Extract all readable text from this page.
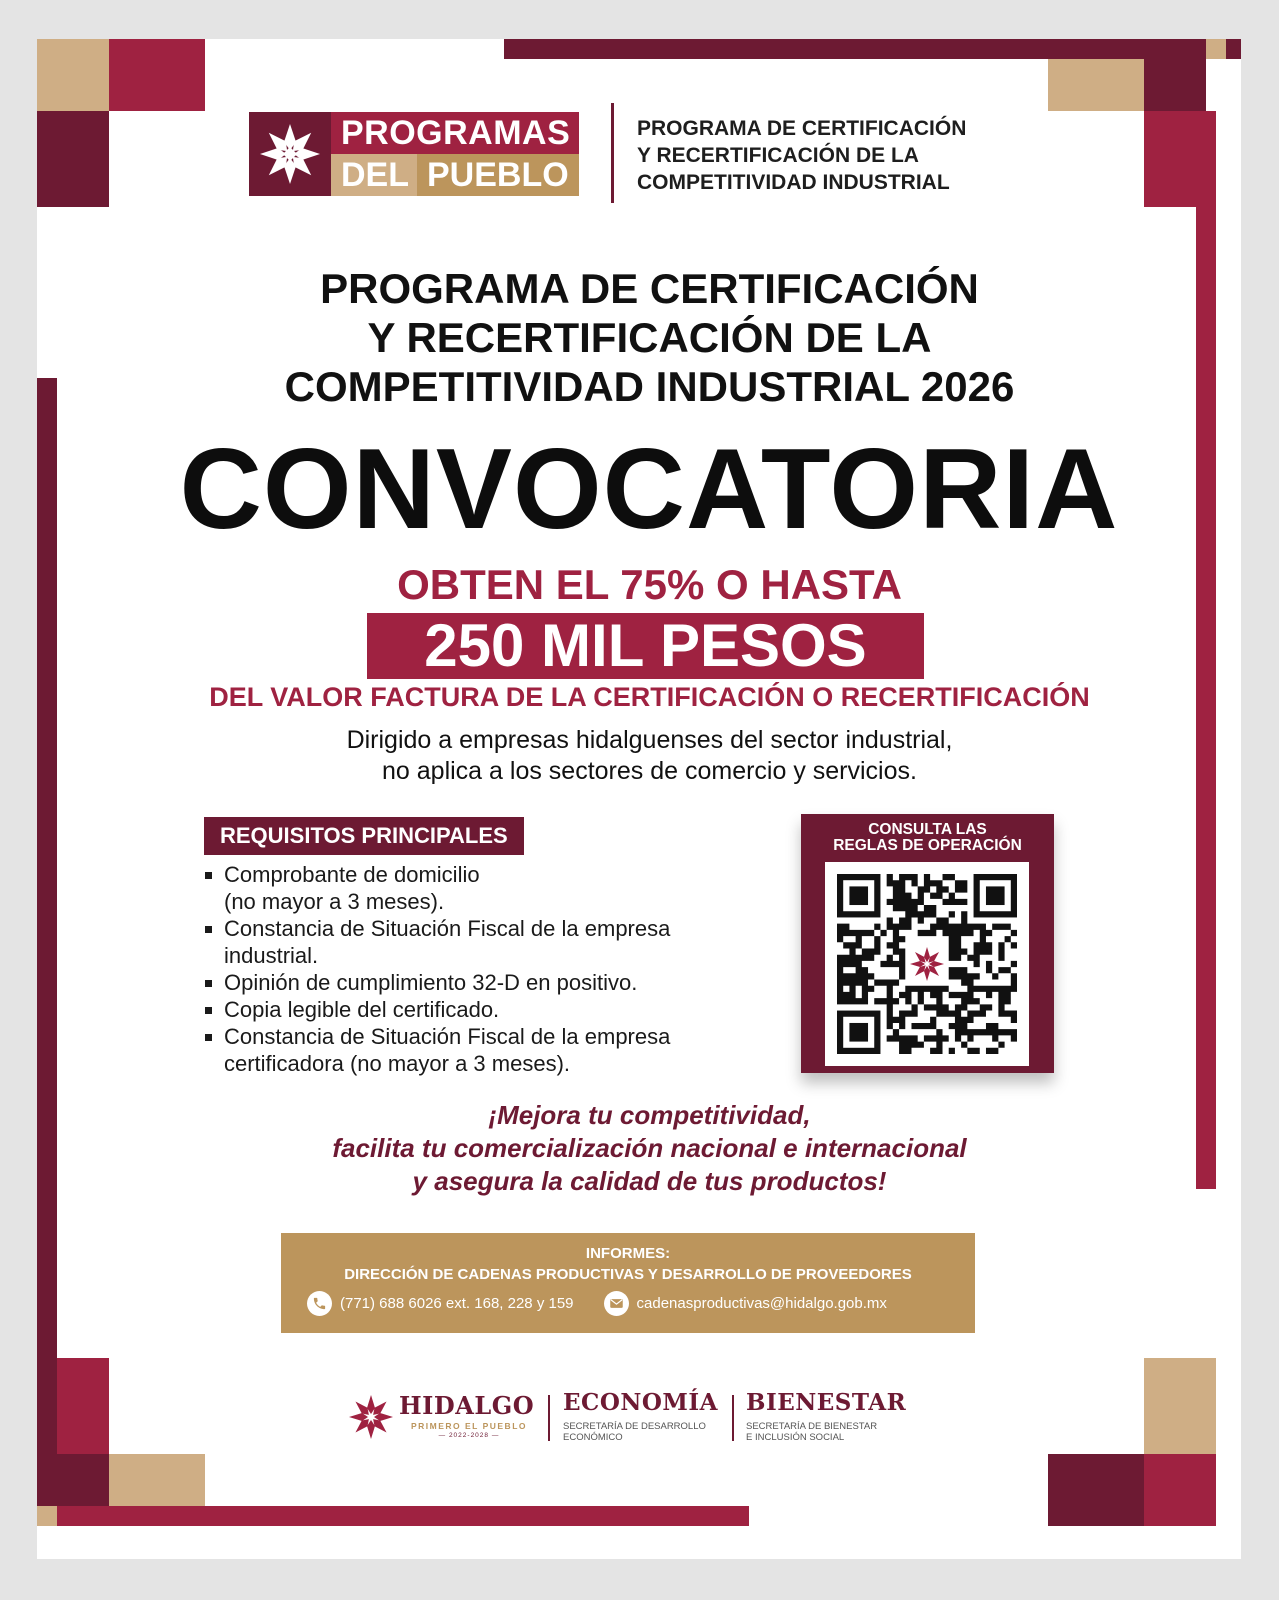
PROGRAMAS
DEL PUEBLO
PROGRAMA DE CERTIFICACIÓN
Y RECERTIFICACIÓN DE LA
COMPETITIVIDAD INDUSTRIAL
PROGRAMA DE CERTIFICACIÓN
Y RECERTIFICACIÓN DE LA
COMPETITIVIDAD INDUSTRIAL 2026
CONVOCATORIA
OBTEN EL 75% O HASTA
250 MIL PESOS
DEL VALOR FACTURA DE LA CERTIFICACIÓN O RECERTIFICACIÓN
Dirigido a empresas hidalguenses del sector industrial,
no aplica a los sectores de comercio y servicios.
REQUISITOS PRINCIPALES
Comprobante de domicilio
(no mayor a 3 meses).
Constancia de Situación Fiscal de la empresa
industrial.
Opinión de cumplimiento 32-D en positivo.
Copia legible del certificado.
Constancia de Situación Fiscal de la empresa
certificadora (no mayor a 3 meses).
CONSULTA LAS
REGLAS DE OPERACIÓN
¡Mejora tu competitividad,
facilita tu comercialización nacional e internacional
y asegura la calidad de tus productos!
INFORMES:
DIRECCIÓN DE CADENAS PRODUCTIVAS Y DESARROLLO DE PROVEEDORES
(771) 688 6026 ext. 168, 228 y 159	cadenasproductivas@hidalgo.gob.mx
HIDALGO
PRIMERO EL PUEBLO
— 2022-2028 —
ECONOMÍA
SECRETARÍA DE DESARROLLO
ECONÓMICO
BIENESTAR
SECRETARÍA DE BIENESTAR
E INCLUSIÓN SOCIAL
